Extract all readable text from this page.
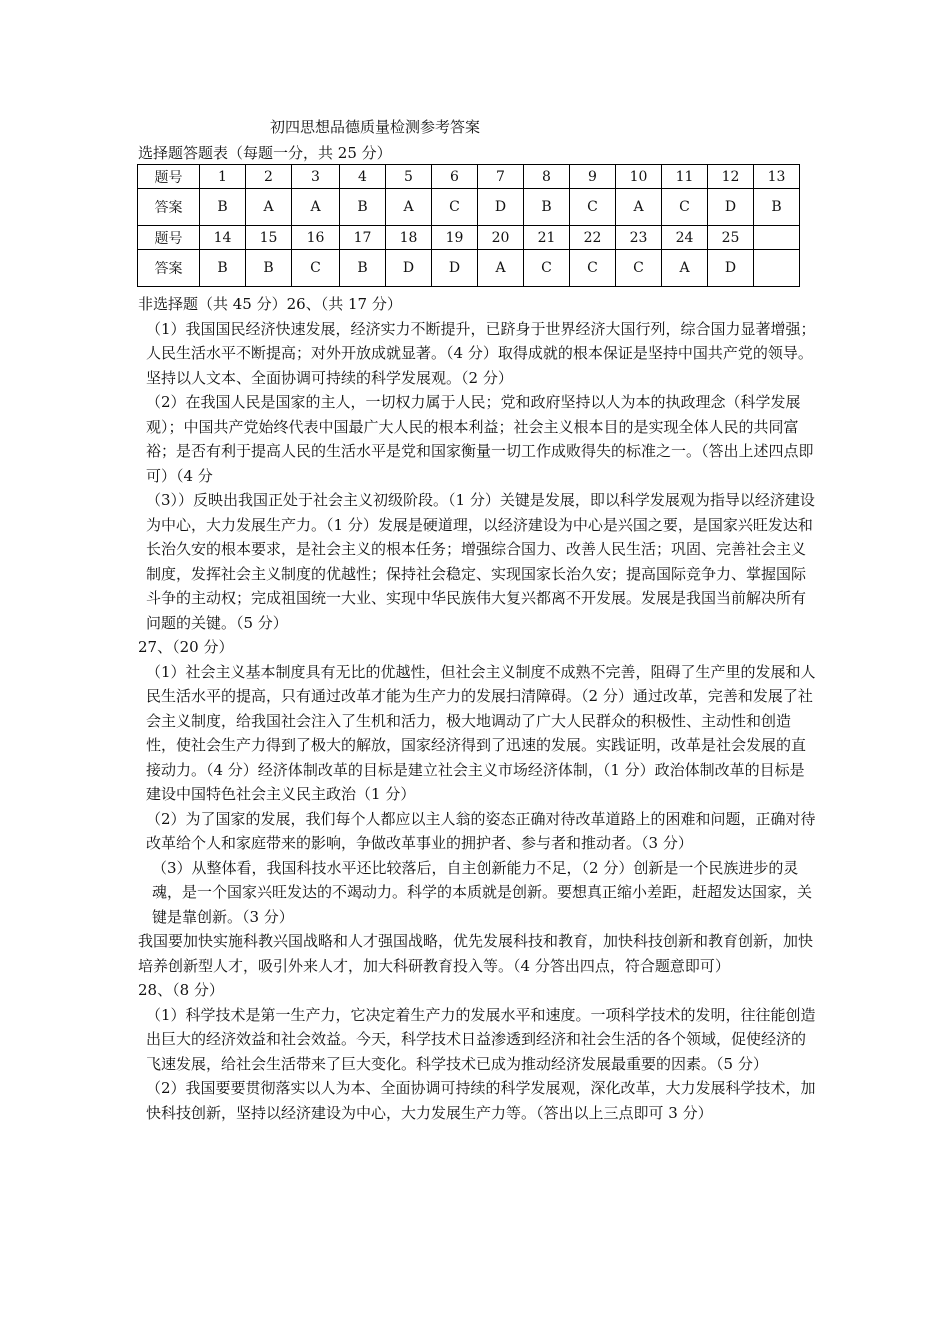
初四思想品德质量检测参考答案
选择题答题表（每题一分，共 25 分）
题号	1	2	3	4	5	6	7	8	9	10	11	12	13
答案	B	A	A	B	A	C	D	B	C	A	C	D	B
题号	14	15	16	17	18	19	20	21	22	23	24	25	
答案	B	B	C	B	D	D	A	C	C	C	A	D	

非选择题（共 45 分）26、（共 17 分）

（1）我国国民经济快速发展，经济实力不断提升，已跻身于世界经济大国行列，综合国力显著增强；人民生活水平不断提高；对外开放成就显著。（4 分）取得成就的根本保证是坚持中国共产党的领导。坚持以人文本、全面协调可持续的科学发展观。（2 分）

（2）在我国人民是国家的主人，一切权力属于人民；党和政府坚持以人为本的执政理念（科学发展观）；中国共产党始终代表中国最广大人民的根本利益；社会主义根本目的是实现全体人民的共同富裕；是否有利于提高人民的生活水平是党和国家衡量一切工作成败得失的标准之一。（答出上述四点即可）（4 分

（3））反映出我国正处于社会主义初级阶段。（1 分）关键是发展，即以科学发展观为指导以经济建设为中心，大力发展生产力。（1 分）发展是硬道理，以经济建设为中心是兴国之要，是国家兴旺发达和长治久安的根本要求，是社会主义的根本任务；增强综合国力、改善人民生活；巩固、完善社会主义制度，发挥社会主义制度的优越性；保持社会稳定、实现国家长治久安；提高国际竞争力、掌握国际斗争的主动权；完成祖国统一大业、实现中华民族伟大复兴都离不开发展。发展是我国当前解决所有问题的关键。（5 分）

27、（20 分）

（1）社会主义基本制度具有无比的优越性，但社会主义制度不成熟不完善，阻碍了生产里的发展和人民生活水平的提高，只有通过改革才能为生产力的发展扫清障碍。（2 分）通过改革，完善和发展了社会主义制度，给我国社会注入了生机和活力，极大地调动了广大人民群众的积极性、主动性和创造性，使社会生产力得到了极大的解放，国家经济得到了迅速的发展。实践证明，改革是社会发展的直接动力。（4 分）经济体制改革的目标是建立社会主义市场经济体制，（1 分）政治体制改革的目标是建设中国特色社会主义民主政治（1 分）

（2）为了国家的发展，我们每个人都应以主人翁的姿态正确对待改革道路上的困难和问题，正确对待改革给个人和家庭带来的影响，争做改革事业的拥护者、参与者和推动者。（3 分）

（3）从整体看，我国科技水平还比较落后，自主创新能力不足，（2 分）创新是一个民族进步的灵魂，是一个国家兴旺发达的不竭动力。科学的本质就是创新。要想真正缩小差距，赶超发达国家，关键是靠创新。（3 分）

我国要加快实施科教兴国战略和人才强国战略，优先发展科技和教育，加快科技创新和教育创新，加快培养创新型人才，吸引外来人才，加大科研教育投入等。（4 分答出四点，符合题意即可）

28、（8 分）

（1）科学技术是第一生产力，它决定着生产力的发展水平和速度。一项科学技术的发明，往往能创造出巨大的经济效益和社会效益。今天，科学技术日益渗透到经济和社会生活的各个领域，促使经济的飞速发展，给社会生活带来了巨大变化。科学技术已成为推动经济发展最重要的因素。（5 分）

（2）我国要要贯彻落实以人为本、全面协调可持续的科学发展观，深化改革，大力发展科学技术，加快科技创新，坚持以经济建设为中心，大力发展生产力等。（答出以上三点即可 3 分）
